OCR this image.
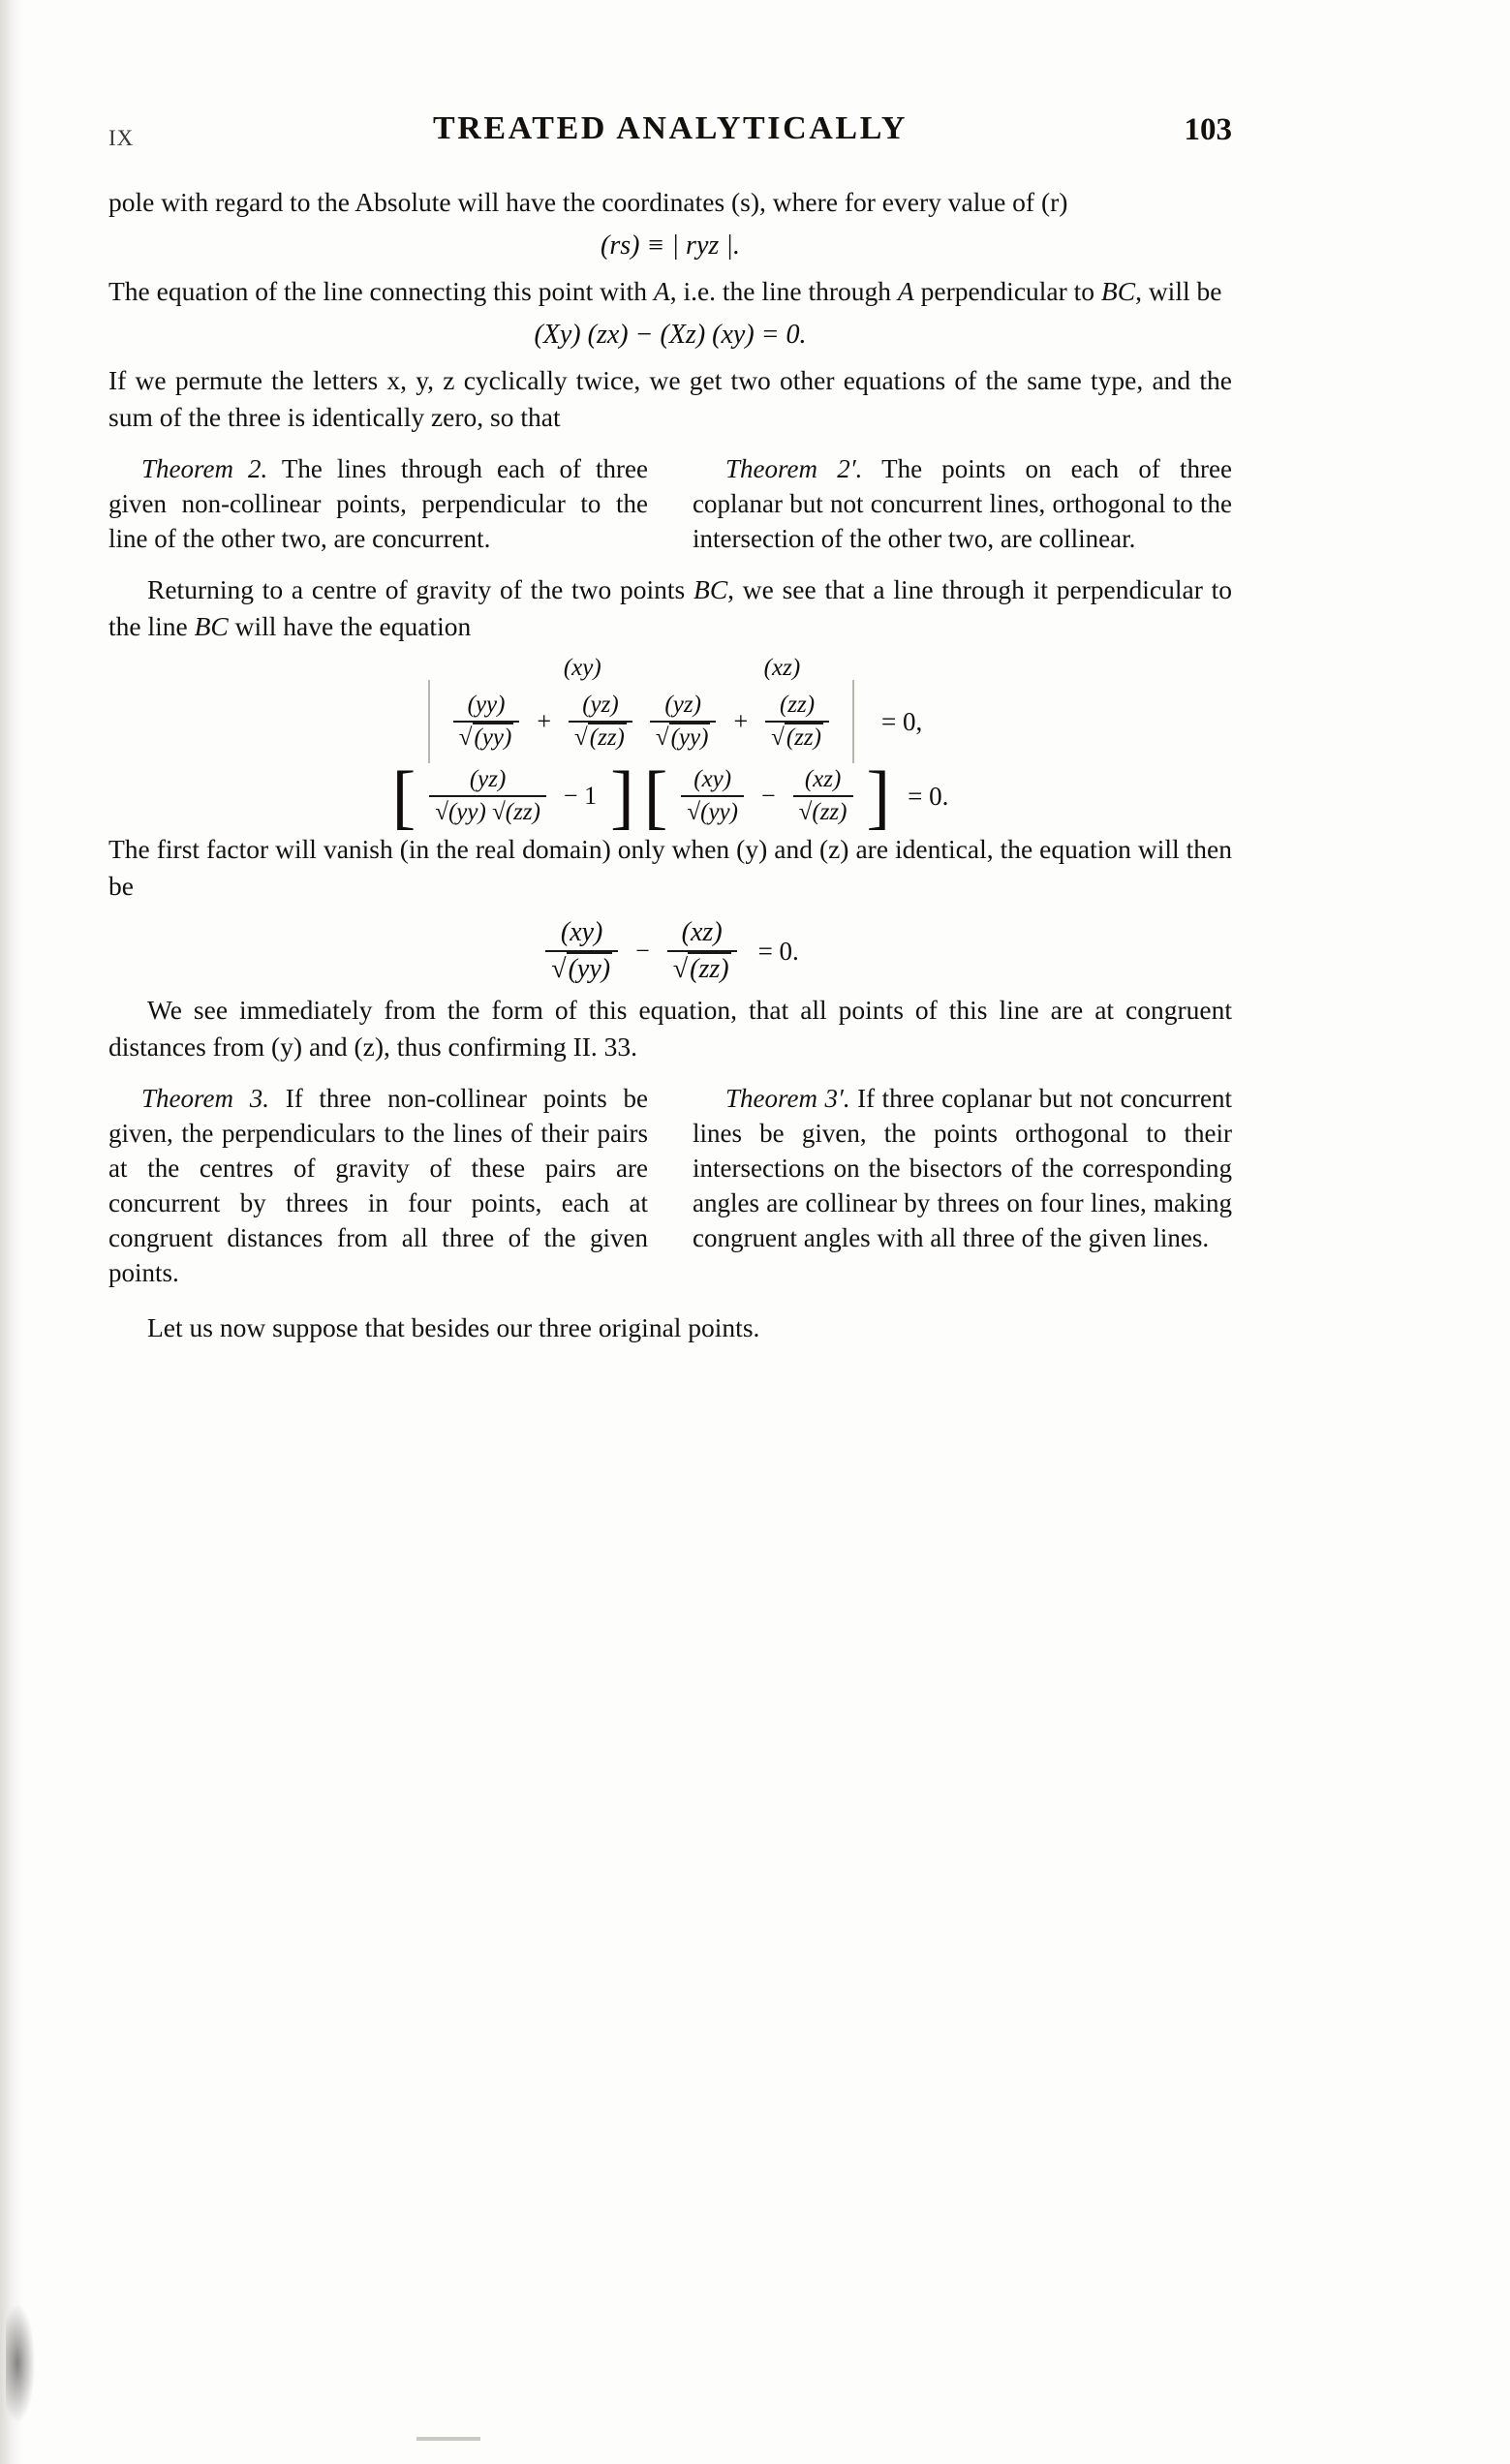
IX	TREATED ANALYTICALLY	103

pole with regard to the Absolute will have the coordinates (s), where for every value of (r)

(rs) ≡ | ryz |.

The equation of the line connecting this point with A, i.e. the line through A perpendicular to BC, will be

(Xy) (zx) − (Xz) (xy) = 0.

If we permute the letters x, y, z cyclically twice, we get two other equations of the same type, and the sum of the three is identically zero, so that

Theorem 2. The lines through each of three given non-collinear points, perpendicular to the line of the other two, are concurrent.

Theorem 2′. The points on each of three coplanar but not concurrent lines, orthogonal to the intersection of the other two, are collinear.

Returning to a centre of gravity of the two points BC, we see that a line through it perpendicular to the line BC will have the equation

(xy)	(xz)
$\frac{(yy)}{√(yy)} + \frac{(yz)}{√(zz)} \frac{(yz)}{√(yy)} + \frac{(zz)}{√(zz)} = 0$,
[ $\frac{(yz)}{√(yy) √(zz)} - 1$ ] [ $\frac{(xy)}{√(yy)} - \frac{(xz)}{√(zz)}$ ] = 0.

The first factor will vanish (in the real domain) only when (y) and (z) are identical, the equation will then be

$\frac{(xy)}{√(yy)} - \frac{(xz)}{√(zz)} = 0$.

We see immediately from the form of this equation, that all points of this line are at congruent distances from (y) and (z), thus confirming II. 33.

Theorem 3. If three non-collinear points be given, the perpendiculars to the lines of their pairs at the centres of gravity of these pairs are concurrent by threes in four points, each at congruent distances from all three of the given points.

Theorem 3′. If three coplanar but not concurrent lines be given, the points orthogonal to their intersections on the bisectors of the corresponding angles are collinear by threes on four lines, making congruent angles with all three of the given lines.

Let us now suppose that besides our three original points.
